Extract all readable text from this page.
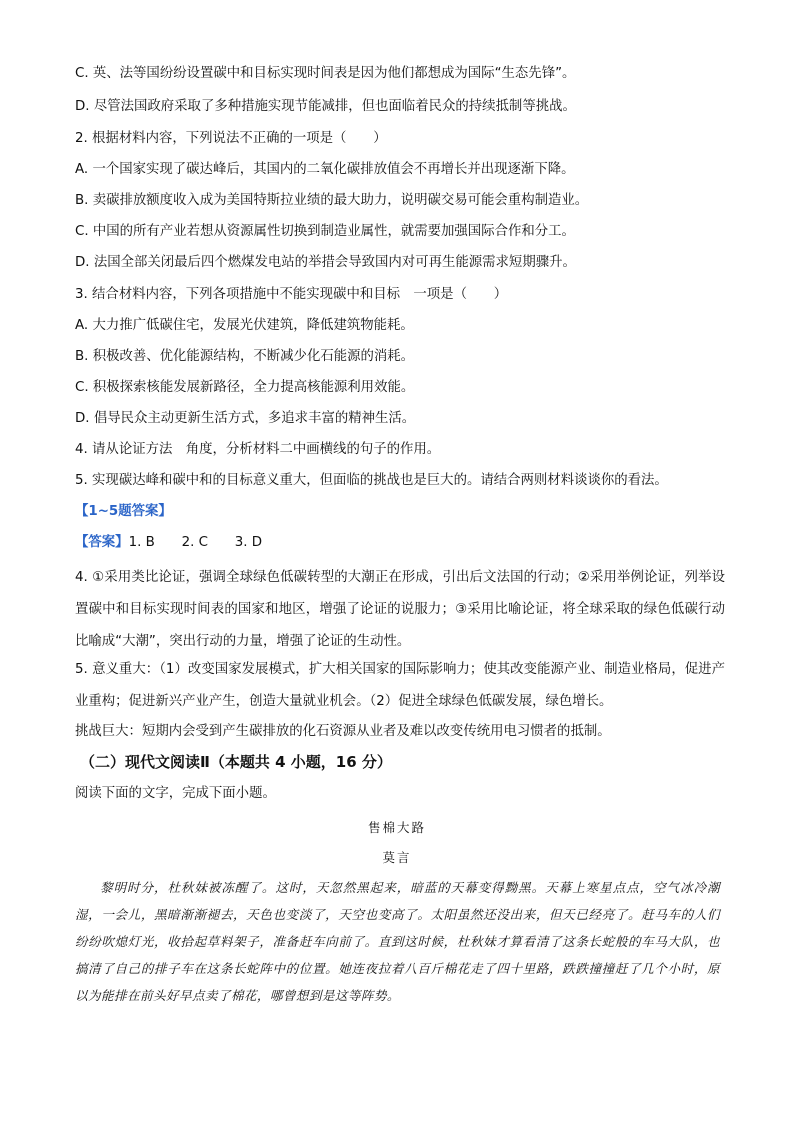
C. 英、法等国纷纷设置碳中和目标实现时间表是因为他们都想成为国际“生态先锋”。
D. 尽管法国政府采取了多种措施实现节能减排，但也面临着民众的持续抵制等挑战。
2. 根据材料内容，下列说法不正确的一项是（　　）
A. 一个国家实现了碳达峰后，其国内的二氧化碳排放值会不再增长并出现逐渐下降。
B. 卖碳排放额度收入成为美国特斯拉业绩的最大助力，说明碳交易可能会重构制造业。
C. 中国的所有产业若想从资源属性切换到制造业属性，就需要加强国际合作和分工。
D. 法国全部关闭最后四个燃煤发电站的举措会导致国内对可再生能源需求短期骤升。
3. 结合材料内容，下列各项措施中不能实现碳中和目标　一项是（　　）
A. 大力推广低碳住宅，发展光伏建筑，降低建筑物能耗。
B. 积极改善、优化能源结构，不断减少化石能源的消耗。
C. 积极探索核能发展新路径，全力提高核能源利用效能。
D. 倡导民众主动更新生活方式，多追求丰富的精神生活。
4. 请从论证方法　角度，分析材料二中画横线的句子的作用。
5. 实现碳达峰和碳中和的目标意义重大，但面临的挑战也是巨大的。请结合两则材料谈谈你的看法。
【1~5题答案】
【答案】1. B　　2. C　　3. D
4. ①采用类比论证，强调全球绿色低碳转型的大潮正在形成，引出后文法国的行动；②采用举例论证，列举设置碳中和目标实现时间表的国家和地区，增强了论证的说服力；③采用比喻论证，将全球采取的绿色低碳行动比喻成“大潮”，突出行动的力量，增强了论证的生动性。
5. 意义重大：（1）改变国家发展模式，扩大相关国家的国际影响力；使其改变能源产业、制造业格局，促进产业重构；促进新兴产业产生，创造大量就业机会。（2）促进全球绿色低碳发展，绿色增长。
挑战巨大：短期内会受到产生碳排放的化石资源从业者及难以改变传统用电习惯者的抵制。
（二）现代文阅读Ⅱ（本题共 4 小题，16 分）
阅读下面的文字，完成下面小题。
售棉大路
莫言
黎明时分，杜秋妹被冻醒了。这时，天忽然黑起来，暗蓝的天幕变得黝黑。天幕上寒星点点，空气冰冷潮湿，一会儿，黑暗渐渐褪去，天色也变淡了，天空也变高了。太阳虽然还没出来，但天已经亮了。赶马车的人们纷纷吹熄灯光，收拾起草料架子，准备赶车向前了。直到这时候，杜秋妹才算看清了这条长蛇般的车马大队，也搞清了自己的排子车在这条长蛇阵中的位置。她连夜拉着八百斤棉花走了四十里路，跌跌撞撞赶了几个小时，原以为能排在前头好早点卖了棉花，哪曾想到是这等阵势。
